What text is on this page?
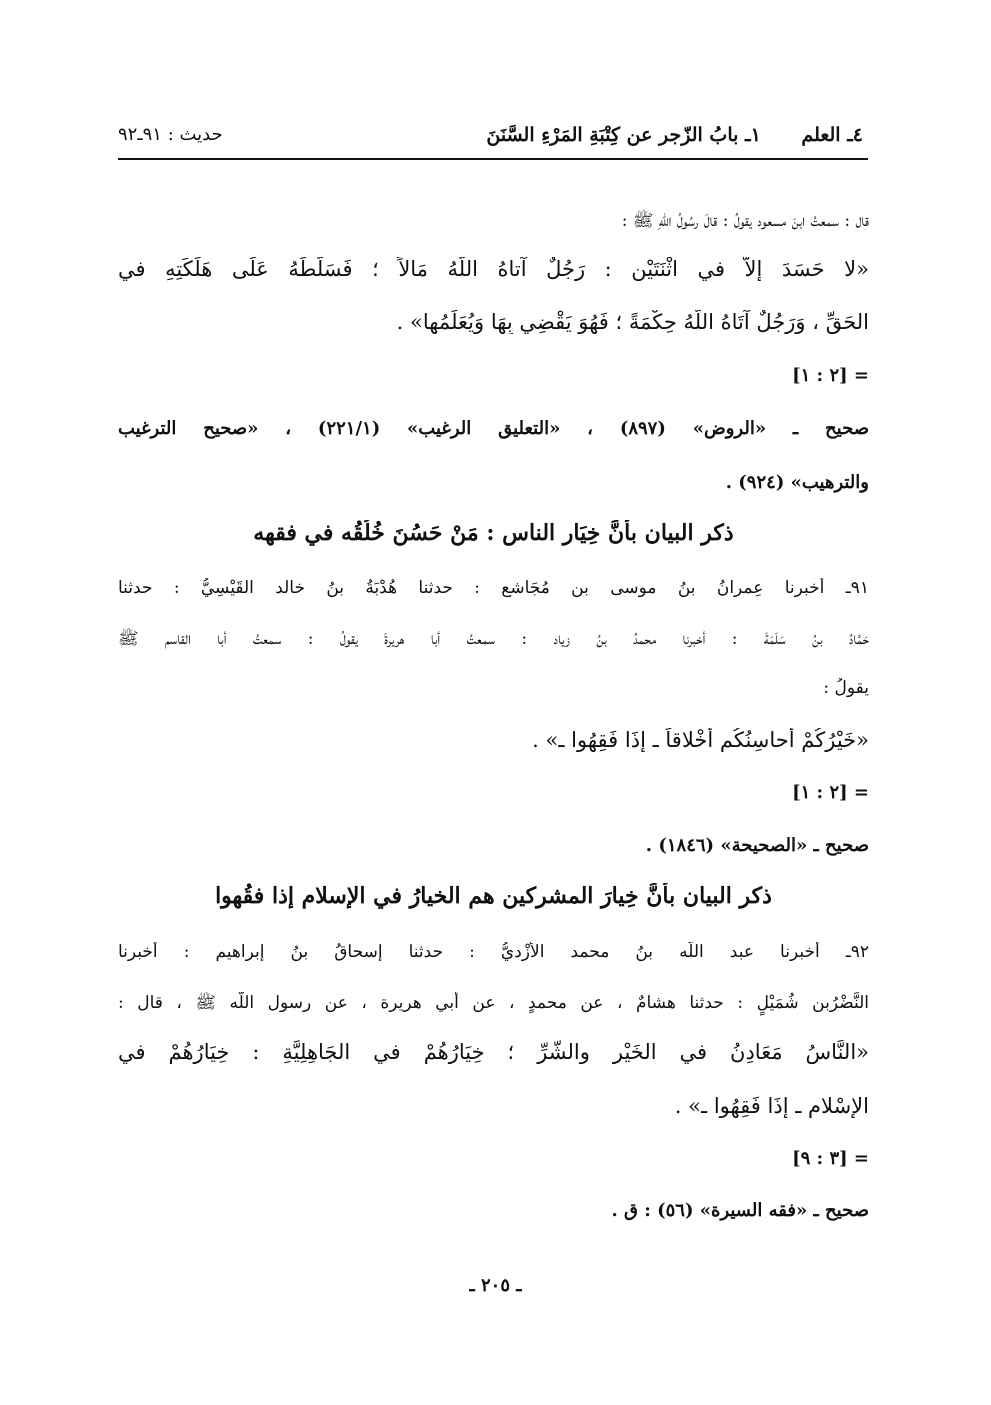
٤ـ العلم ١ـ بابُ الزّجر عن كِتْبَةِ المَرْءِ السَّنَنَ
حديث : ٩١ـ٩٢
قال : سمعتُ ابنَ مسعود يقولُ : قالَ رسُولُ اللّهِ ﷺ :
«لا حَسَدَ إلاّ في اثْنَتَيْنِ : رَجُلٌ آتاهُ اللّهُ مَالاً ؛ فَسَلَّطَهُ عَلَى هَلَكَتِهِ في
الحَقِّ ، وَرَجُلٌ آتَاهُ اللّهُ حِكْمَةً ؛ فَهُوَ يَقْضِي بِهَا وَيُعَلِّمُها» .
= [٢ : ١]
صحيح ـ «الروض» (٨٩٧) ، «التعليق الرغيب» (٢٢١/١) ، «صحيح الترغيب
والترهيب» (٩٢٤) .
ذكر البيان بأنَّ خِيَار الناس : مَنْ حَسُنَ خُلُقُه في فقهه
٩١ـ أخبرنا عِمرانُ بنُ موسى بن مُجَاشع : حدثنا هُدْبَةُ بنُ خالد القَيْسِيُّ : حدثنا
حَمَّادُ بنُ سَلَمَةَ : أخبرنا محمدُ بنُ زياد : سمعتُ أبا هريرةَ يقولُ : سمعتُ أبا القاسم ﷺ
يقولُ :
«خَيْرُكُمْ أحاسِنُكُم أَخْلاقاً ـ إذَا فَقِهُوا ـ» .
= [٢ : ١]
صحيح ـ «الصحيحة» (١٨٤٦) .
ذكر البيان بأنَّ خِيارَ المشركين هم الخيارُ في الإسلام إذا فقُهوا
٩٢ـ أخبرنا عبد اللّه بنُ محمد الأزْديُّ : حدثنا إسحاقُ بنُ إبراهيم : أخبرنا
النَّضْرُبن شُمَيْلٍ : حدثنا هشامٌ ، عن محمدٍ ، عن أبي هريرة ، عن رسول اللّه ﷺ ، قال :
«النَّاسُ مَعَادِنُ في الخَيْرِ والشَّرِّ ؛ خِيَارُهُمْ في الجَاهِلِيَّةِ : خِيَارُهُمْ في
الإسْلامِ ـ إذَا فَقِهُوا ـ» .
= [٣ : ٩]
صحيح ـ «فقه السيرة» (٥٦) : ق .
ـ ٢٠٥ ـ
